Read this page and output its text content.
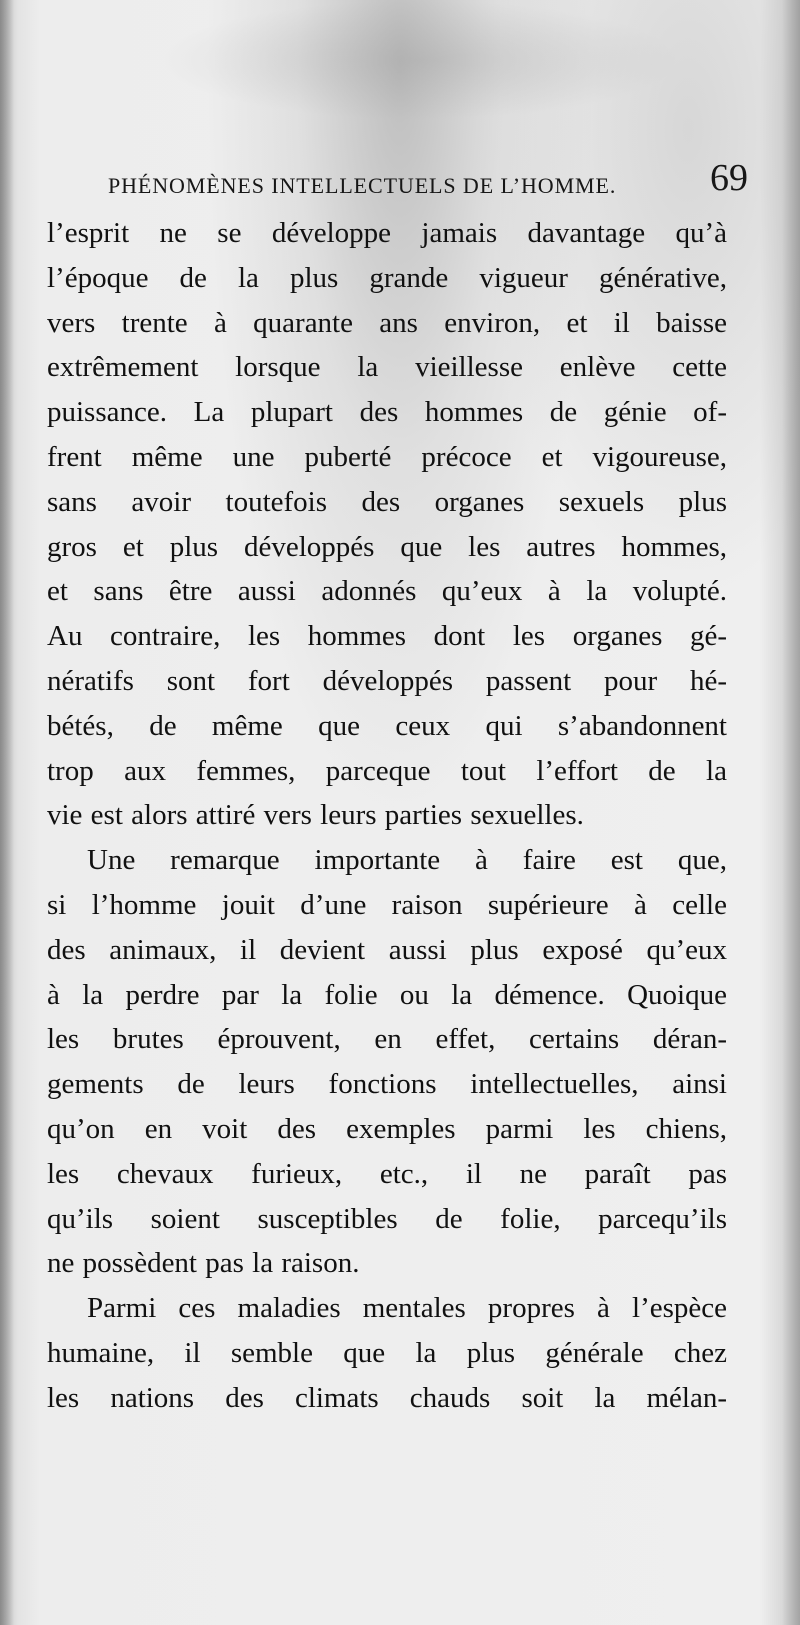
PHÉNOMÈNES INTELLECTUELS DE L’HOMME. 69
l’esprit ne se développe jamais davantage qu’à
l’époque de la plus grande vigueur générative,
vers trente à quarante ans environ, et il baisse
extrêmement lorsque la vieillesse enlève cette
puissance. La plupart des hommes de génie of-
frent même une puberté précoce et vigoureuse,
sans avoir toutefois des organes sexuels plus
gros et plus développés que les autres hommes,
et sans être aussi adonnés qu’eux à la volupté.
Au contraire, les hommes dont les organes gé-
nératifs sont fort développés passent pour hé-
bétés, de même que ceux qui s’abandonnent
trop aux femmes, parceque tout l’effort de la
vie est alors attiré vers leurs parties sexuelles.
Une remarque importante à faire est que,
si l’homme jouit d’une raison supérieure à celle
des animaux, il devient aussi plus exposé qu’eux
à la perdre par la folie ou la démence. Quoique
les brutes éprouvent, en effet, certains déran-
gements de leurs fonctions intellectuelles, ainsi
qu’on en voit des exemples parmi les chiens,
les chevaux furieux, etc., il ne paraît pas
qu’ils soient susceptibles de folie, parcequ’ils
ne possèdent pas la raison.
Parmi ces maladies mentales propres à l’espèce
humaine, il semble que la plus générale chez
les nations des climats chauds soit la mélan-
